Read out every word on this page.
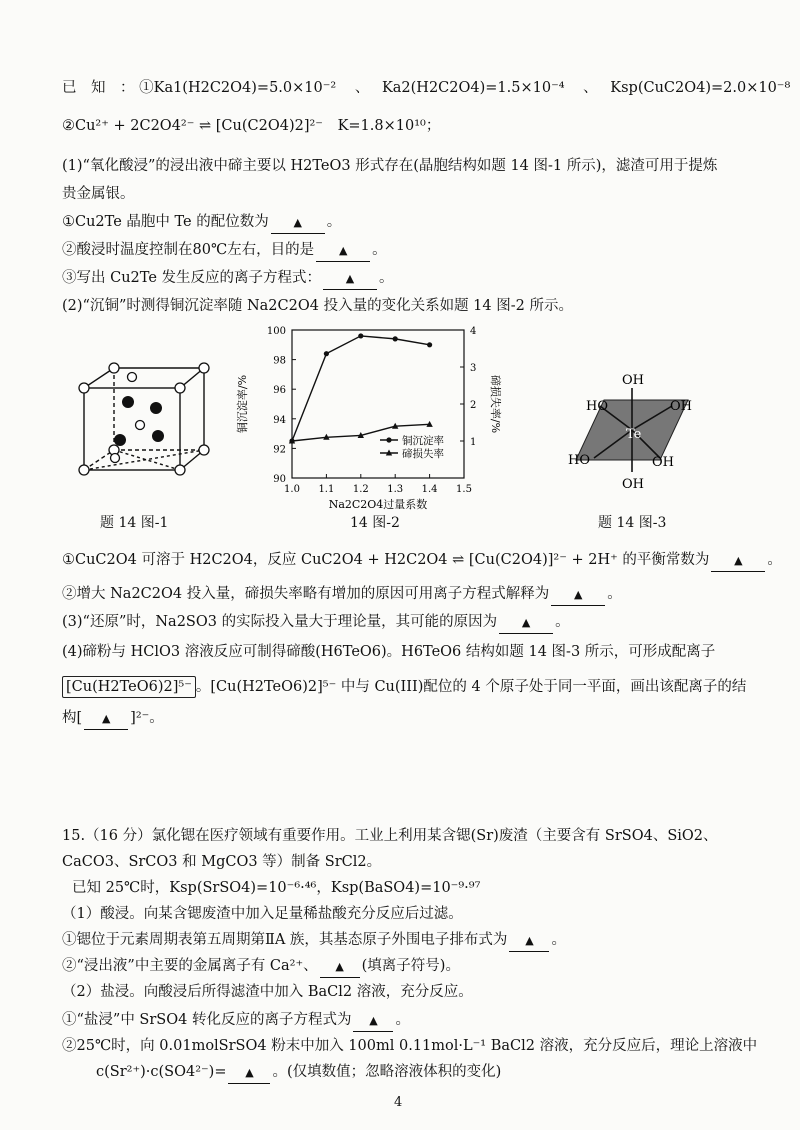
已　知　： ①Ka1(H2C2O4)=5.0×10⁻² 、 Ka2(H2C2O4)=1.5×10⁻⁴ 、 Ksp(CuC2O4)=2.0×10⁻⁸
②Cu²⁺ + 2C2O4²⁻ ⇌ [Cu(C2O4)2]²⁻ K=1.8×10¹⁰；
(1)“氧化酸浸”的浸出液中碲主要以 H2TeO3 形式存在(晶胞结构如题 14 图-1 所示)，滤渣可用于提炼
贵金属银。
①Cu2Te 晶胞中 Te 的配位数为 ▲ 。
②酸浸时温度控制在80℃左右，目的是 ▲ 。
③写出 Cu2Te 发生反应的离子方程式： ▲ 。
(2)“沉铜”时测得铜沉淀率随 Na2C2O4 投入量的变化关系如题 14 图-2 所示。
题 14 图-1
1.0 1.1 1.2 1.3 1.4 1.5
90
92
94
96
98
100
1
2
3
4
铜沉淀率
碲损失率
铜沉淀率/%	碲损失率/%
Na2C2O4过量系数
14 图-2
OH
OH
HO	OH
HO	OH
Te
题 14 图-3
①CuC2O4 可溶于 H2C2O4，反应 CuC2O4 + H2C2O4 ⇌ [Cu(C2O4)]²⁻ + 2H⁺ 的平衡常数为 ▲ 。
②增大 Na2C2O4 投入量，碲损失率略有增加的原因可用离子方程式解释为 ▲ 。
(3)“还原”时，Na2SO3 的实际投入量大于理论量，其可能的原因为 ▲ 。
(4)碲粉与 HClO3 溶液反应可制得碲酸(H6TeO6)。H6TeO6 结构如题 14 图-3 所示，可形成配离子
[Cu(H2TeO6)2]⁵⁻ 。[Cu(H2TeO6)2]⁵⁻ 中与 Cu(III)配位的 4 个原子处于同一平面，画出该配离子的结
构[ ▲ ]²⁻。
15.（16 分）氯化锶在医疗领域有重要作用。工业上利用某含锶(Sr)废渣（主要含有 SrSO4、SiO2、
CaCO3、SrCO3 和 MgCO3 等）制备 SrCl2。
已知 25℃时，Ksp(SrSO4)=10⁻⁶·⁴⁶，Ksp(BaSO4)=10⁻⁹·⁹⁷
（1）酸浸。向某含锶废渣中加入足量稀盐酸充分反应后过滤。
①锶位于元素周期表第五周期第ⅡA 族，其基态原子外围电子排布式为 ▲ 。
②“浸出液”中主要的金属离子有 Ca²⁺、 ▲ (填离子符号)。
（2）盐浸。向酸浸后所得滤渣中加入 BaCl2 溶液，充分反应。
①“盐浸”中 SrSO4 转化反应的离子方程式为 ▲ 。
②25℃时，向 0.01molSrSO4 粉末中加入 100ml 0.11mol·L⁻¹ BaCl2 溶液，充分反应后，理论上溶液中
c(Sr²⁺)·c(SO4²⁻)= ▲ 。(仅填数值；忽略溶液体积的变化)
4
